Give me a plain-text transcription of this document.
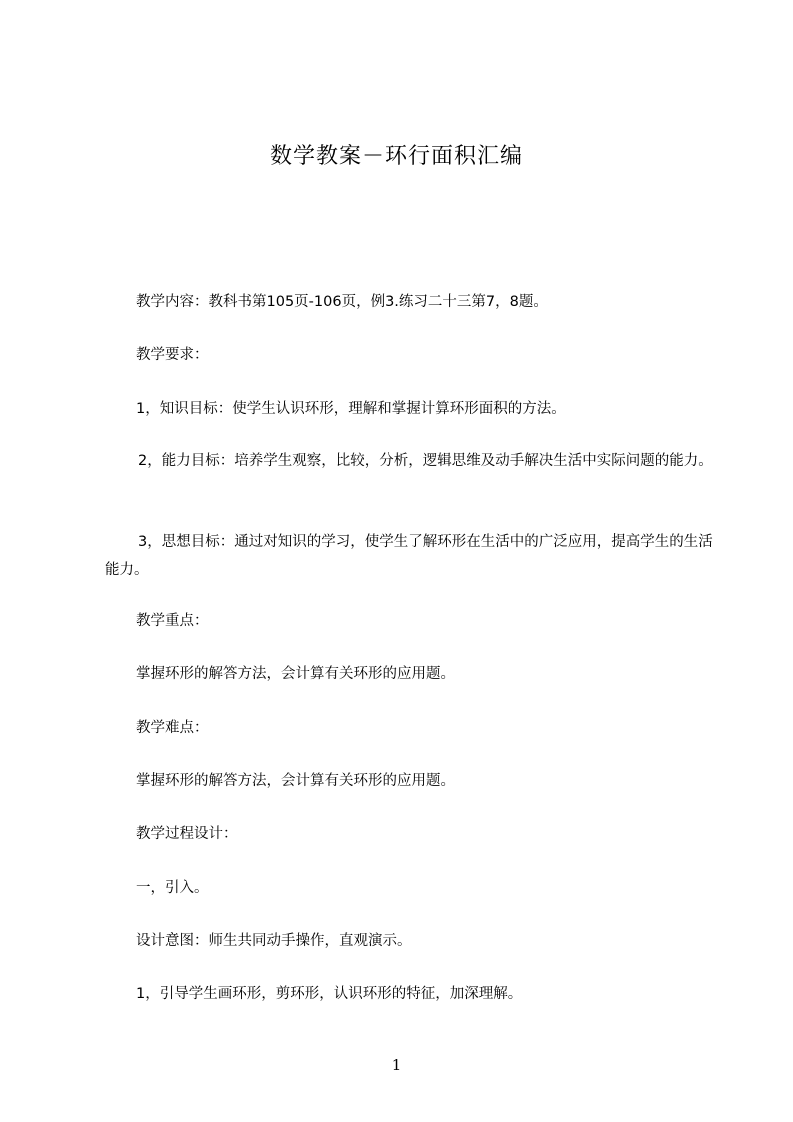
数学教案－环行面积汇编

教学内容：教科书第105页-106页，例3.练习二十三第7，8题。

教学要求：

1，知识目标：使学生认识环形，理解和掌握计算环形面积的方法。

2，能力目标：培养学生观察，比较，分析，逻辑思维及动手解决生活中实际问题的能力。

3，思想目标：通过对知识的学习，使学生了解环形在生活中的广泛应用，提高学生的生活能力。

教学重点：

掌握环形的解答方法，会计算有关环形的应用题。

教学难点：

掌握环形的解答方法，会计算有关环形的应用题。

教学过程设计：

一，引入。

设计意图：师生共同动手操作，直观演示。

1，引导学生画环形，剪环形，认识环形的特征，加深理解。

1
